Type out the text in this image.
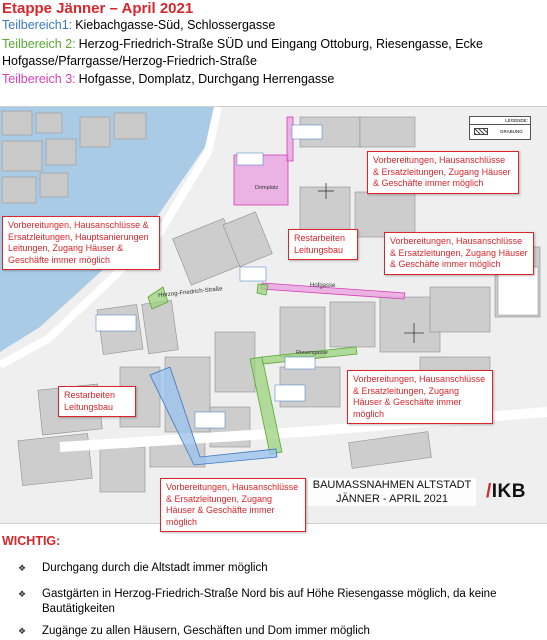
Etappe Jänner – April 2021
Teilbereich1: Kiebachgasse-Süd, Schlossergasse
Teilbereich 2: Herzog-Friedrich-Straße SÜD und Eingang Ottoburg, Riesengasse, Ecke
Hofgasse/Pfarrgasse/Herzog-Friedrich-Straße
Teilbereich 3: Hofgasse, Domplatz, Durchgang Herrengasse
Herzog-Friedrich-Straße
Hofgasse
Domplatz
Riesengasse
LEGENDE:
GRABUNG
Vorbereitungen, Hausanschlüsse & Ersatzleitungen, Zugang Häuser & Geschäfte immer möglich
Vorbereitungen, Hausanschlüsse & Ersatzleitungen, Hauptsanierungen Leitungen, Zugang Häuser & Geschäfte immer möglich
Restarbeiten Leitungsbau
Vorbereitungen, Hausanschlüsse & Ersatzleitungen, Zugang Häuser & Geschäfte immer möglich
Vorbereitungen, Hausanschlüsse & Ersatzleitungen, Zugang Häuser & Geschäfte immer möglich
Restarbeiten Leitungsbau
Vorbereitungen, Hausanschlüsse & Ersatzleitungen, Zugang Häuser & Geschäfte immer möglich
BAUMASSNAHMEN ALTSTADT
JÄNNER - APRIL 2021	/IKB
WICHTIG:
❖ Durchgang durch die Altstadt immer möglich
❖ Gastgärten in Herzog-Friedrich-Straße Nord bis auf Höhe Riesengasse möglich, da keine Bautätigkeiten
❖ Zugänge zu allen Häusern, Geschäften und Dom immer möglich
